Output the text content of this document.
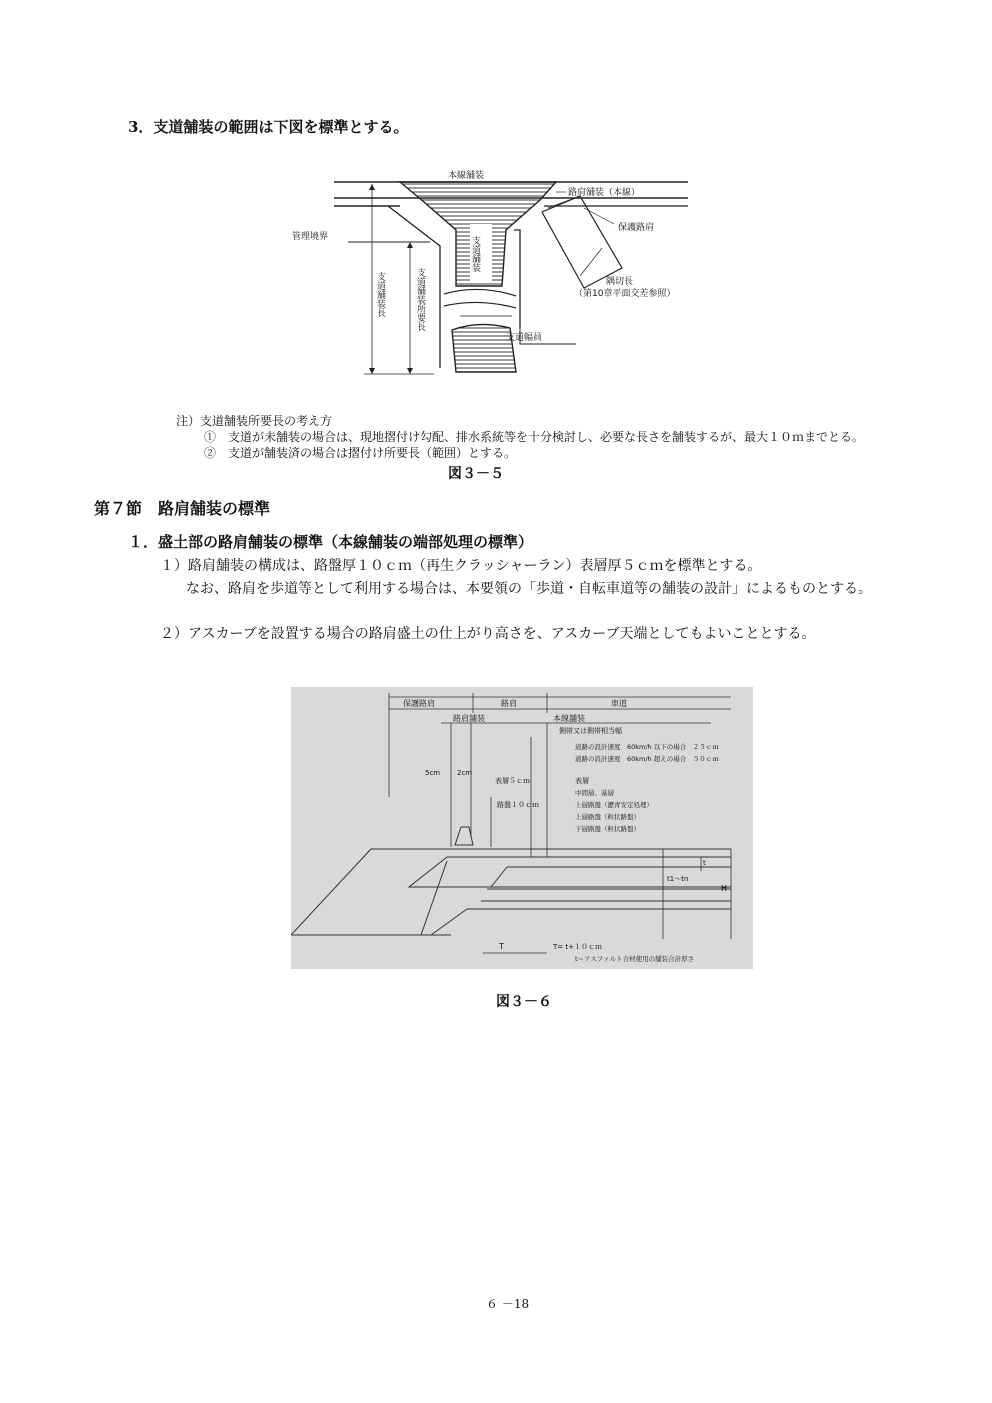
3．支道舗装の範囲は下図を標準とする。
本線舗装
路肩舗装（本線）
保護路肩
管理境界	支道舗装
隅切長
（第10章平面交差参照）
支道舗装長	支道舗装所要長
支道幅員
注）支道舗装所要長の考え方
①　支道が未舗装の場合は、現地摺付け勾配、排水系統等を十分検討し、必要な長さを舗装するが、最大１０ｍまでとる。
②　支道が舗装済の場合は摺付け所要長（範囲）とする。
図３－５
第７節　路肩舗装の標準
１．盛土部の路肩舗装の標準（本線舗装の端部処理の標準）
１）路肩舗装の構成は、路盤厚１０ｃｍ（再生クラッシャーラン）表層厚５ｃｍを標準とする。
なお、路肩を歩道等として利用する場合は、本要領の「歩道・自転車道等の舗装の設計」によるものとする。
２）アスカーブを設置する場合の路肩盛土の仕上がり高さを、アスカーブ天端としてもよいこととする。
保護路肩	路肩	車道
路肩舗装	本線舗装
側帯又は側帯相当幅
道路の設計速度　60km/h 以下の場合　２５ｃｍ
道路の設計速度　60km/h 超えの場合　５０ｃｍ
5cm 2cm
表層５ｃｍ
路盤１０ｃｍ
表層
中間層、基層
上層路盤（瀝青安定処理）
上層路盤（粒状路盤）
下層路盤（粒状路盤）
t
t1～tn
H
T	T= t+１０ｃｍ
t＝アスファルト合材使用の舗装合計厚さ
図３－６
６ －18
